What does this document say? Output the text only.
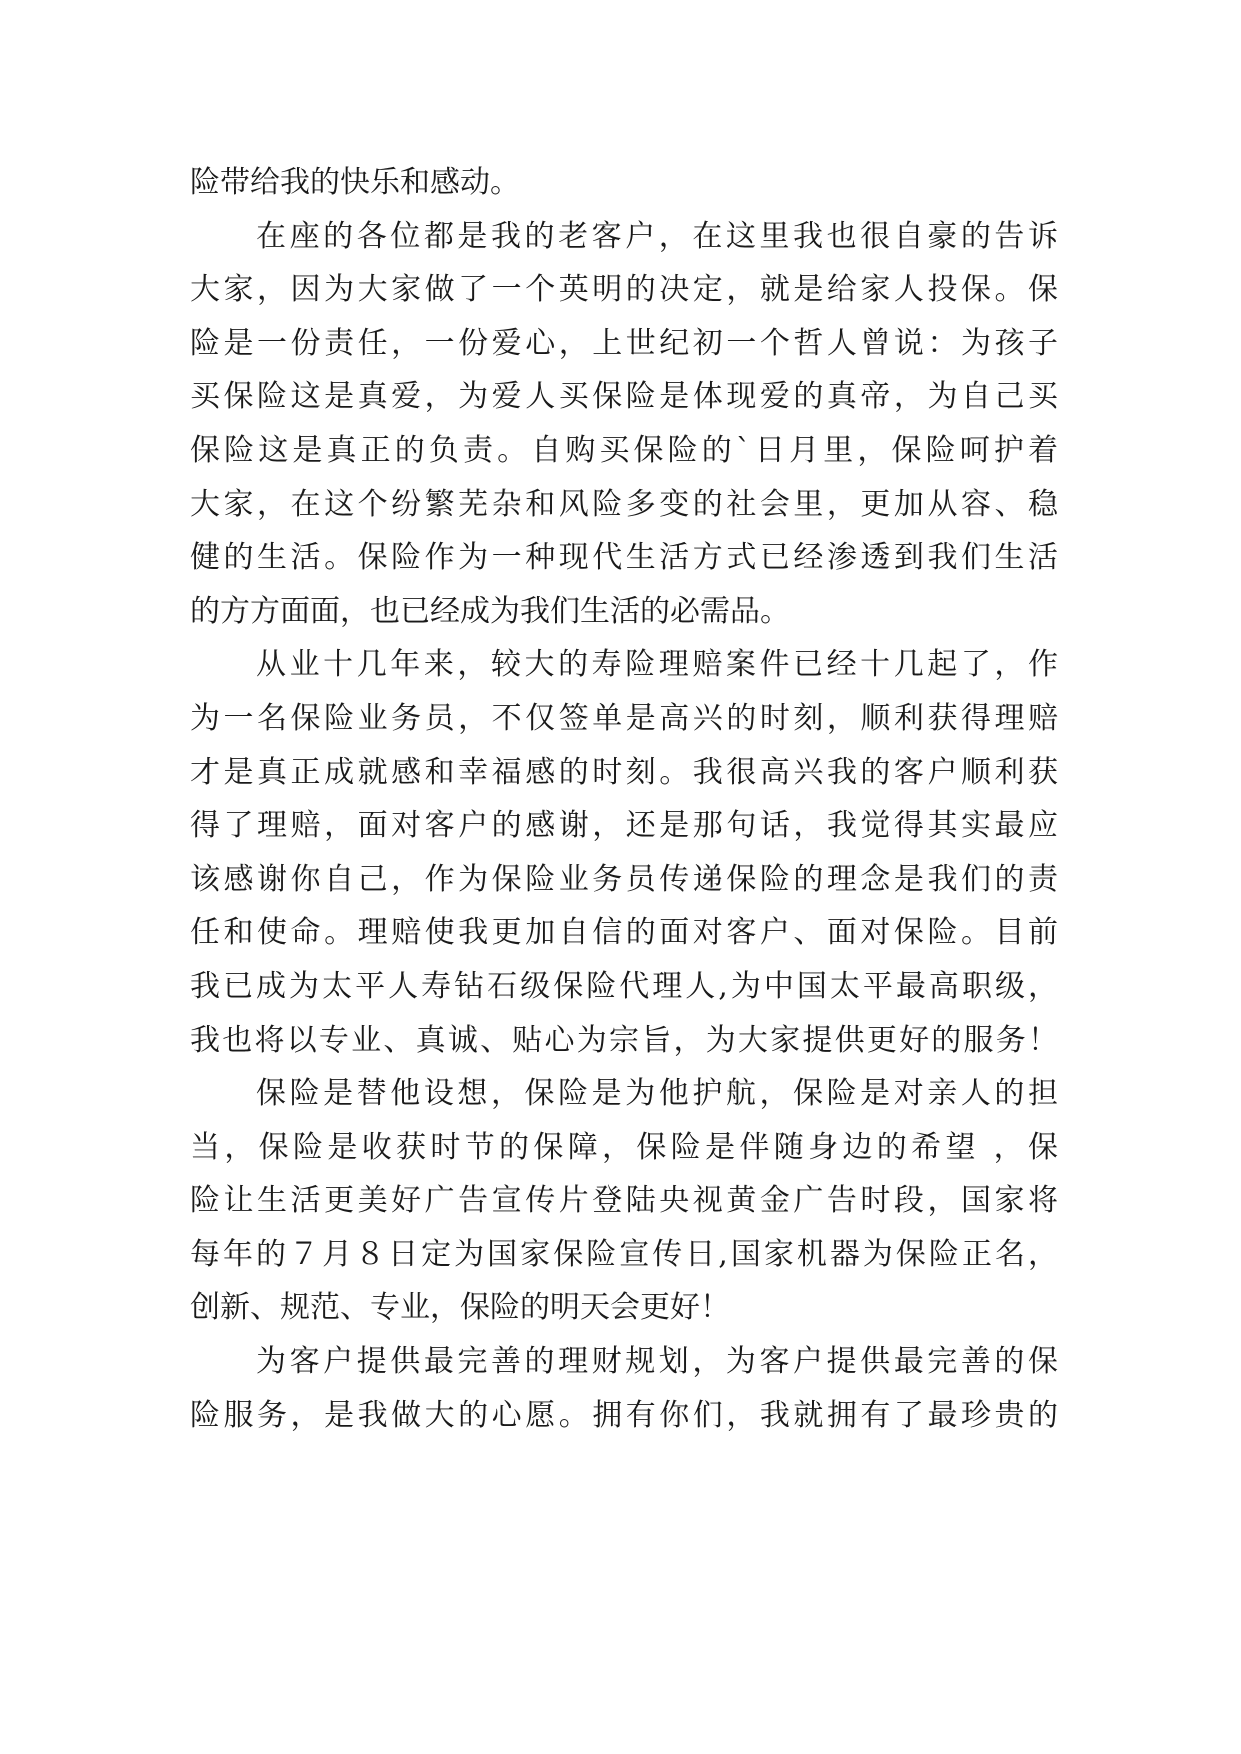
险带给我的快乐和感动。
在座的各位都是我的老客户，在这里我也很自豪的告诉
大家，因为大家做了一个英明的决定，就是给家人投保。保
险是一份责任，一份爱心，上世纪初一个哲人曾说：为孩子
买保险这是真爱，为爱人买保险是体现爱的真帝，为自己买
保险这是真正的负责。自购买保险的`日月里，保险呵护着
大家，在这个纷繁芜杂和风险多变的社会里，更加从容、稳
健的生活。保险作为一种现代生活方式已经渗透到我们生活
的方方面面，也已经成为我们生活的必需品。
从业十几年来，较大的寿险理赔案件已经十几起了，作
为一名保险业务员，不仅签单是高兴的时刻，顺利获得理赔
才是真正成就感和幸福感的时刻。我很高兴我的客户顺利获
得了理赔，面对客户的感谢，还是那句话，我觉得其实最应
该感谢你自己，作为保险业务员传递保险的理念是我们的责
任和使命。理赔使我更加自信的面对客户、面对保险。目前
我已成为太平人寿钻石级保险代理人,为中国太平最高职级，
我也将以专业、真诚、贴心为宗旨，为大家提供更好的服务！
保险是替他设想，保险是为他护航，保险是对亲人的担
当，保险是收获时节的保障，保险是伴随身边的希望 ，保
险让生活更美好广告宣传片登陆央视黄金广告时段，国家将
每年的７月８日定为国家保险宣传日,国家机器为保险正名，
创新、规范、专业，保险的明天会更好！
为客户提供最完善的理财规划，为客户提供最完善的保
险服务，是我做大的心愿。拥有你们，我就拥有了最珍贵的
